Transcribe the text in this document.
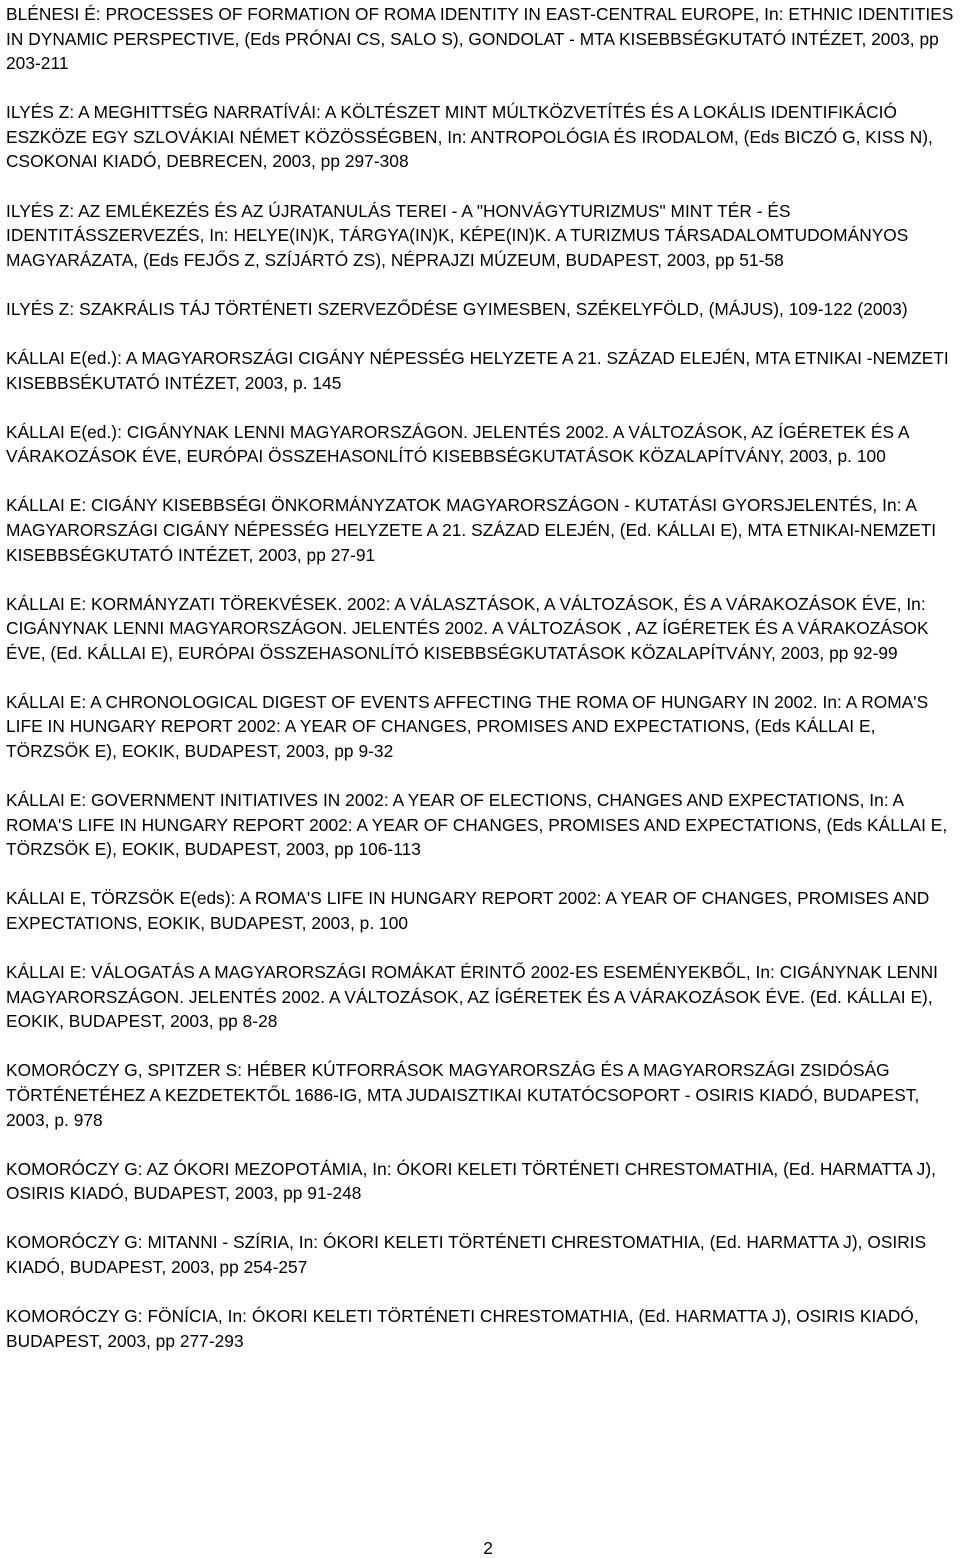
BLÉNESI É: PROCESSES OF FORMATION OF ROMA IDENTITY IN EAST-CENTRAL EUROPE, In: ETHNIC IDENTITIES IN DYNAMIC PERSPECTIVE, (Eds PRÓNAI CS, SALO S), GONDOLAT - MTA KISEBBSÉGKUTATÓ INTÉZET, 2003, pp 203-211
ILYÉS Z: A MEGHITTSÉG NARRATÍVÁI: A KÖLTÉSZET MINT MÚLTKÖZVETÍTÉS ÉS A LOKÁLIS IDENTIFIKÁCIÓ ESZKÖZE EGY SZLOVÁKIAI NÉMET KÖZÖSSÉGBEN, In: ANTROPOLÓGIA ÉS IRODALOM, (Eds BICZÓ G, KISS N), CSOKONAI KIADÓ, DEBRECEN, 2003, pp 297-308
ILYÉS Z: AZ EMLÉKEZÉS ÉS AZ ÚJRATANULÁS TEREI - A "HONVÁGYTURIZMUS" MINT TÉR - ÉS IDENTITÁSSZERVEZÉS, In: HELYE(IN)K, TÁRGYA(IN)K, KÉPE(IN)K. A TURIZMUS TÁRSADALOMTUDOMÁNYOS MAGYARÁZATA, (Eds FEJŐS Z, SZÍJÁRTÓ ZS), NÉPRAJZI MÚZEUM, BUDAPEST, 2003, pp 51-58
ILYÉS Z: SZAKRÁLIS TÁJ TÖRTÉNETI SZERVEZŐDÉSE GYIMESBEN, SZÉKELYFÖLD, (MÁJUS), 109-122 (2003)
KÁLLAI E(ed.): A MAGYARORSZÁGI CIGÁNY NÉPESSÉG HELYZETE A 21. SZÁZAD ELEJÉN, MTA ETNIKAI -NEMZETI KISEBBSÉKUTATÓ INTÉZET, 2003, p. 145
KÁLLAI E(ed.): CIGÁNYNAK LENNI MAGYARORSZÁGON. JELENTÉS 2002. A VÁLTOZÁSOK, AZ ÍGÉRETEK ÉS A VÁRAKOZÁSOK ÉVE, EURÓPAI ÖSSZEHASONLÍTÓ KISEBBSÉGKUTATÁSOK KÖZALAPÍTVÁNY, 2003, p. 100
KÁLLAI E: CIGÁNY KISEBBSÉGI ÖNKORMÁNYZATOK MAGYARORSZÁGON - KUTATÁSI GYORSJELENTÉS, In: A MAGYARORSZÁGI CIGÁNY NÉPESSÉG HELYZETE A 21. SZÁZAD ELEJÉN, (Ed. KÁLLAI E), MTA ETNIKAI-NEMZETI KISEBBSÉGKUTATÓ INTÉZET, 2003, pp 27-91
KÁLLAI E: KORMÁNYZATI TÖREKVÉSEK. 2002: A VÁLASZTÁSOK, A VÁLTOZÁSOK, ÉS A VÁRAKOZÁSOK ÉVE, In: CIGÁNYNAK LENNI MAGYARORSZÁGON. JELENTÉS 2002. A VÁLTOZÁSOK , AZ ÍGÉRETEK ÉS A VÁRAKOZÁSOK ÉVE, (Ed. KÁLLAI E), EURÓPAI ÖSSZEHASONLÍTÓ KISEBBSÉGKUTATÁSOK KÖZALAPÍTVÁNY, 2003, pp 92-99
KÁLLAI E: A CHRONOLOGICAL DIGEST OF EVENTS AFFECTING THE ROMA OF HUNGARY IN 2002. In: A ROMA'S LIFE IN HUNGARY REPORT 2002: A YEAR OF CHANGES, PROMISES AND EXPECTATIONS, (Eds KÁLLAI E, TÖRZSÖK E), EOKIK, BUDAPEST, 2003, pp 9-32
KÁLLAI E: GOVERNMENT INITIATIVES IN 2002: A YEAR OF ELECTIONS, CHANGES AND EXPECTATIONS, In: A ROMA'S LIFE IN HUNGARY REPORT 2002: A YEAR OF CHANGES, PROMISES AND EXPECTATIONS, (Eds KÁLLAI E, TÖRZSÖK E), EOKIK, BUDAPEST, 2003, pp 106-113
KÁLLAI E, TÖRZSÖK E(eds): A ROMA'S LIFE IN HUNGARY REPORT 2002: A YEAR OF CHANGES, PROMISES AND EXPECTATIONS, EOKIK, BUDAPEST, 2003, p. 100
KÁLLAI E: VÁLOGATÁS A MAGYARORSZÁGI ROMÁKAT ÉRINTŐ 2002-ES ESEMÉNYEKBŐL, In: CIGÁNYNAK LENNI MAGYARORSZÁGON. JELENTÉS 2002. A VÁLTOZÁSOK, AZ ÍGÉRETEK ÉS A VÁRAKOZÁSOK ÉVE. (Ed. KÁLLAI E), EOKIK, BUDAPEST, 2003, pp 8-28
KOMORÓCZY G, SPITZER S: HÉBER KÚTFORRÁSOK MAGYARORSZÁG ÉS A MAGYARORSZÁGI ZSIDÓSÁG TÖRTÉNETÉHEZ A KEZDETEKTŐL 1686-IG, MTA JUDAISZTIKAI KUTATÓCSOPORT - OSIRIS KIADÓ, BUDAPEST, 2003, p. 978
KOMORÓCZY G: AZ ÓKORI MEZOPOTÁMIA, In: ÓKORI KELETI TÖRTÉNETI CHRESTOMATHIA, (Ed. HARMATTA J), OSIRIS KIADÓ, BUDAPEST, 2003, pp 91-248
KOMORÓCZY G: MITANNI - SZÍRIA, In: ÓKORI KELETI TÖRTÉNETI CHRESTOMATHIA, (Ed. HARMATTA J), OSIRIS KIADÓ, BUDAPEST, 2003, pp 254-257
KOMORÓCZY G: FÖNÍCIA, In: ÓKORI KELETI TÖRTÉNETI CHRESTOMATHIA, (Ed. HARMATTA J), OSIRIS KIADÓ, BUDAPEST, 2003, pp 277-293
2
